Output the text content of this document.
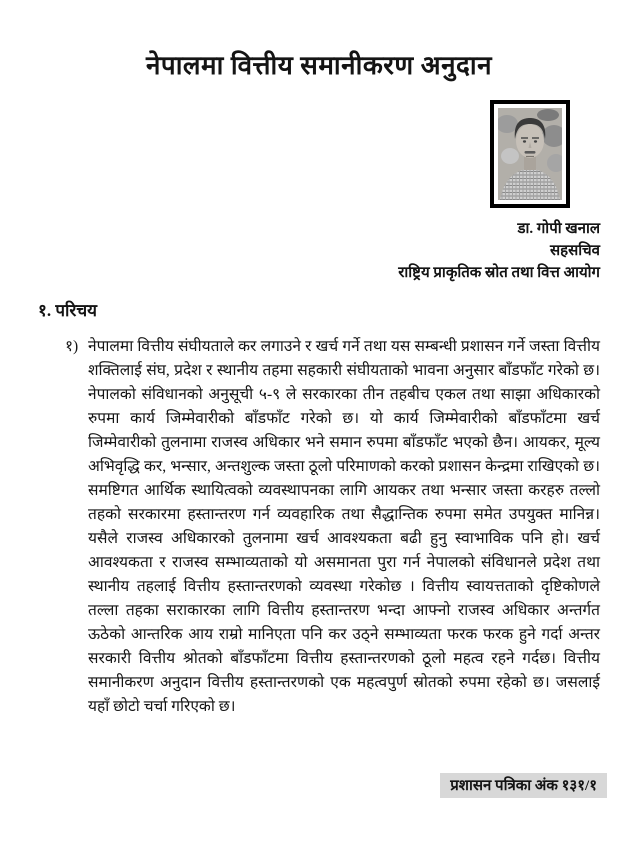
नेपालमा वित्तीय समानीकरण अनुदान
डा. गोपी खनाल
सहसचिव
राष्ट्रिय प्राकृतिक स्रोत तथा वित्त आयोग
१. परिचय
१) नेपालमा वित्तीय संघीयताले कर लगाउने र खर्च गर्ने तथा यस सम्बन्धी प्रशासन गर्ने जस्ता वित्तीय शक्तिलाई संघ, प्रदेश र स्थानीय तहमा सहकारी संघीयताको भावना अनुसार बाँडफाँट गरेको छ। नेपालको संविधानको अनुसूची ५-९ ले सरकारका तीन तहबीच एकल तथा साझा अधिकारको रुपमा कार्य जिम्मेवारीको बाँडफाँट गरेको छ। यो कार्य जिम्मेवारीको बाँडफाँटमा खर्च जिम्मेवारीको तुलनामा राजस्व अधिकार भने समान रुपमा बाँडफाँट भएको छैन। आयकर, मूल्य अभिवृद्धि कर, भन्सार, अन्तशुल्क जस्ता ठूलो परिमाणको करको प्रशासन केन्द्रमा राखिएको छ। समष्टिगत आर्थिक स्थायित्वको व्यवस्थापनका लागि आयकर तथा भन्सार जस्ता करहरु तल्लो तहको सरकारमा हस्तान्तरण गर्न व्यवहारिक तथा सैद्धान्तिक रुपमा समेत उपयुक्त मानिन्न। यसैले राजस्व अधिकारको तुलनामा खर्च आवश्यकता बढी हुनु स्वाभाविक पनि हो। खर्च आवश्यकता र राजस्व सम्भाव्यताको यो असमानता पुरा गर्न नेपालको संविधानले प्रदेश तथा स्थानीय तहलाई वित्तीय हस्तान्तरणको व्यवस्था गरेकोछ । वित्तीय स्वायत्तताको दृष्टिकोणले तल्ला तहका सराकारका लागि वित्तीय हस्तान्तरण भन्दा आफ्नो राजस्व अधिकार अन्तर्गत ऊठेको आन्तरिक आय राम्रो मानिएता पनि कर उठ्ने सम्भाव्यता फरक फरक हुने गर्दा अन्तर सरकारी वित्तीय श्रोतको बाँडफाँटमा वित्तीय हस्तान्तरणको ठूलो महत्व रहने गर्दछ। वित्तीय समानीकरण अनुदान वित्तीय हस्तान्तरणको एक महत्वपुर्ण स्रोतको रुपमा रहेको छ। जसलाई यहाँ छोटो चर्चा गरिएको छ।

प्रशासन पत्रिका अंक १३१/१
